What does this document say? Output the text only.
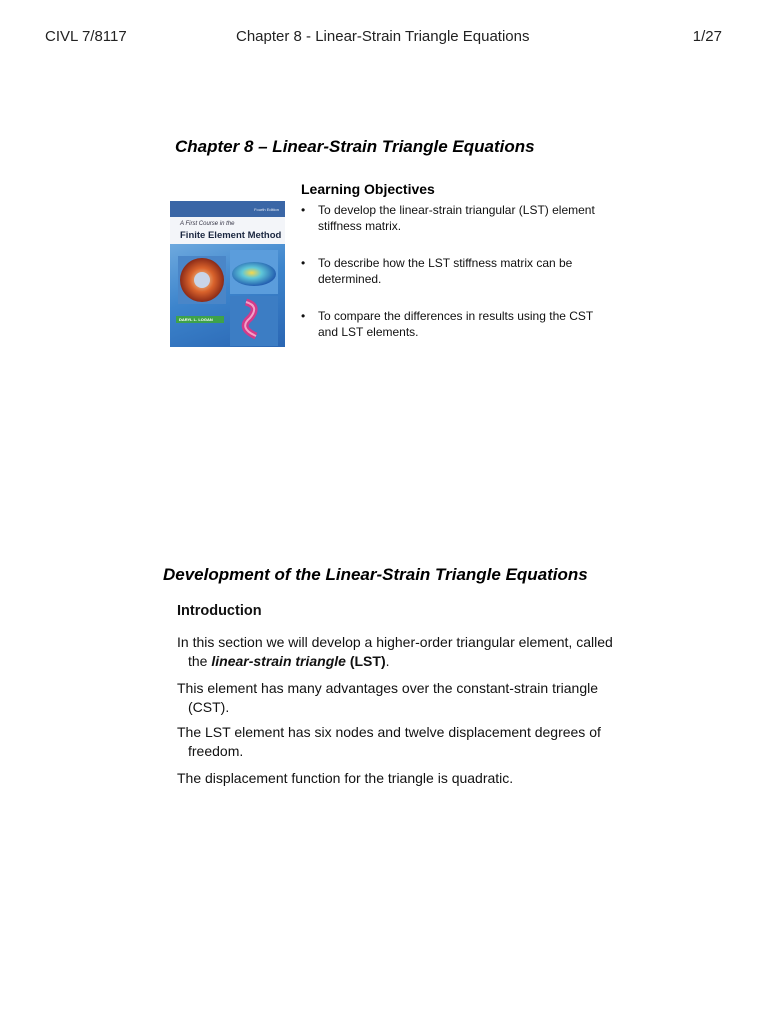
CIVL 7/8117	Chapter 8 - Linear-Strain Triangle Equations	1/27
Chapter 8 – Linear-Strain Triangle Equations
Fourth Edition
A First Course in the
Finite Element Method
DARYL L. LOGAN
Learning Objectives
• To develop the linear-strain triangular (LST) element stiffness matrix.
• To describe how the LST stiffness matrix can be determined.
• To compare the differences in results using the CST and LST elements.
Development of the Linear-Strain Triangle Equations
Introduction
In this section we will develop a higher-order triangular element, called the linear-strain triangle (LST).
This element has many advantages over the constant-strain triangle (CST).
The LST element has six nodes and twelve displacement degrees of freedom.
The displacement function for the triangle is quadratic.
